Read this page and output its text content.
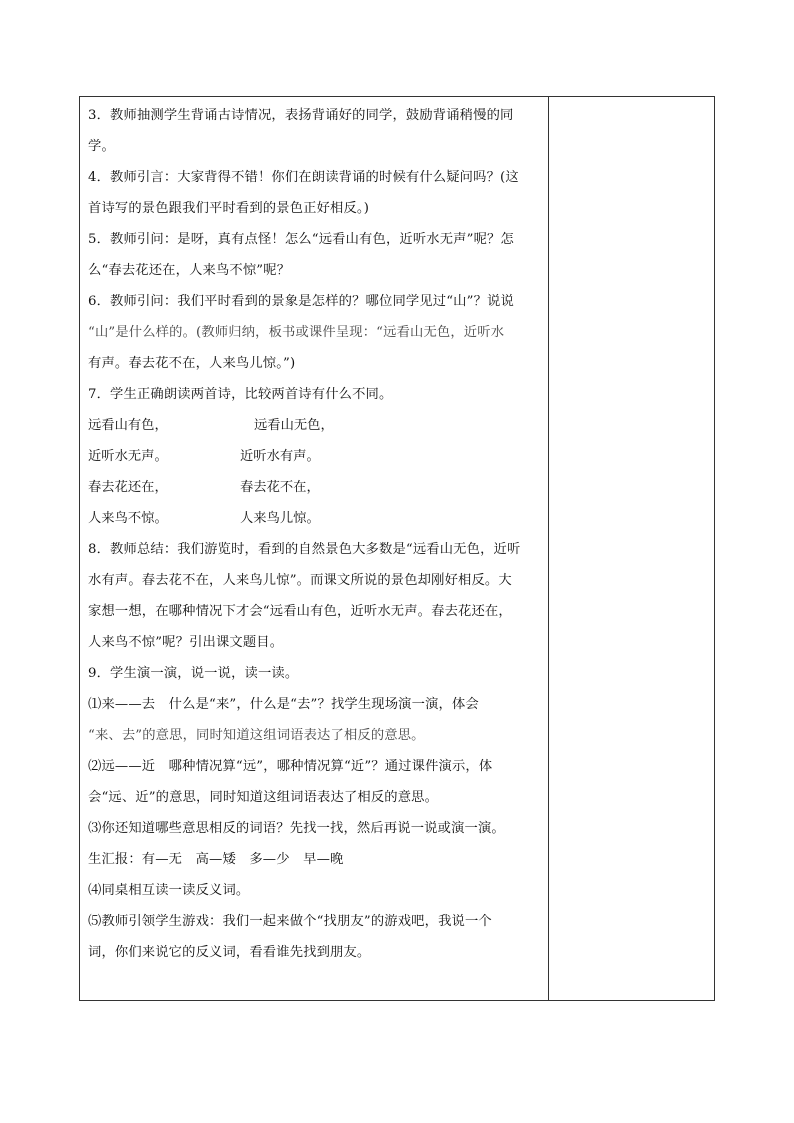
3．教师抽测学生背诵古诗情况，表扬背诵好的同学，鼓励背诵稍慢的同

学。

4．教师引言：大家背得不错！你们在朗读背诵的时候有什么疑问吗？(这

首诗写的景色跟我们平时看到的景色正好相反。)

5．教师引问：是呀，真有点怪！怎么“远看山有色，近听水无声”呢？怎

么“春去花还在，人来鸟不惊”呢？

6．教师引问：我们平时看到的景象是怎样的？哪位同学见过“山”？说说

“山”是什么样的。(教师归纳，板书或课件呈现：“远看山无色，近听水

有声。春去花不在，人来鸟儿惊。”)

7．学生正确朗读两首诗，比较两首诗有什么不同。

远看山有色，	远看山无色，
近听水无声。	近听水有声。
春去花还在，	春去花不在，
人来鸟不惊。	人来鸟儿惊。

8．教师总结：我们游览时，看到的自然景色大多数是“远看山无色，近听

水有声。春去花不在，人来鸟儿惊”。而课文所说的景色却刚好相反。大

家想一想，在哪种情况下才会“远看山有色，近听水无声。春去花还在，

人来鸟不惊”呢？引出课文题目。

9．学生演一演，说一说，读一读。

⑴来——去　什么是“来”，什么是“去”？找学生现场演一演，体会

“来、去”的意思，同时知道这组词语表达了相反的意思。

⑵远——近　哪种情况算“远”，哪种情况算“近”？通过课件演示，体

会“远、近”的意思，同时知道这组词语表达了相反的意思。

⑶你还知道哪些意思相反的词语？先找一找，然后再说一说或演一演。

生汇报：有—无　高—矮　多—少　早—晚

⑷同桌相互读一读反义词。

⑸教师引领学生游戏：我们一起来做个“找朋友”的游戏吧，我说一个

词，你们来说它的反义词，看看谁先找到朋友。
